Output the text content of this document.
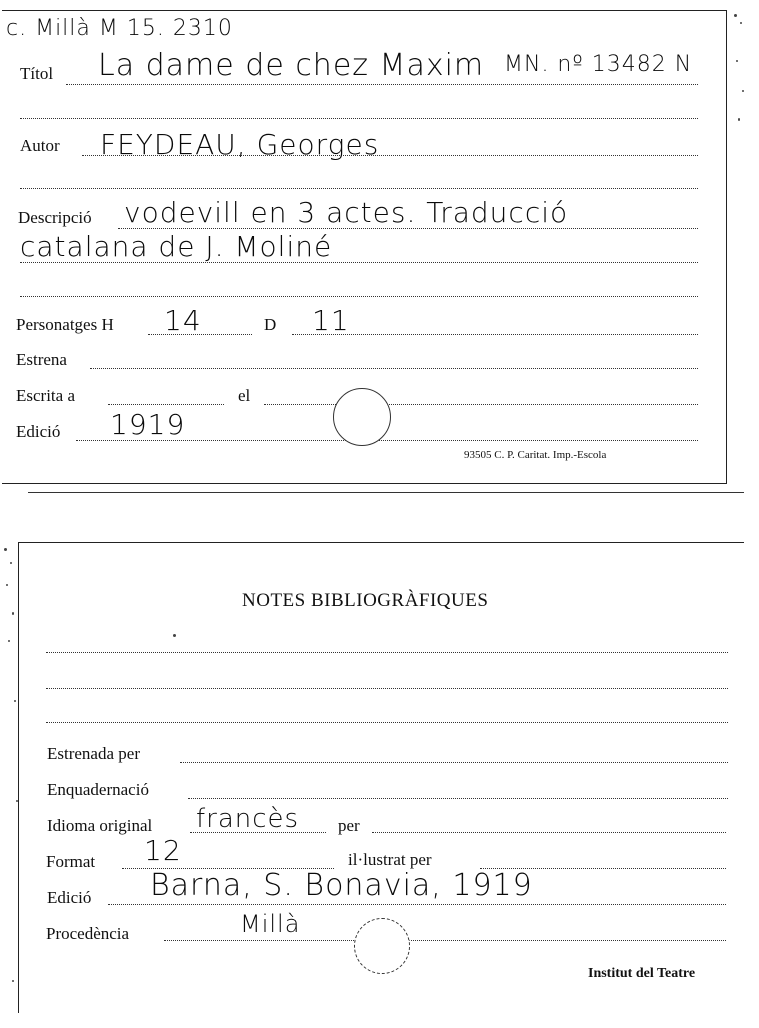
c. Millà M 15. 2310
Títol La dame de chez Maxim MN. nº 13482 N
Autor FEYDEAU, Georges
Descripció vodevill en 3 actes. Traducció
catalana de J. Moliné
Personatges H 14	D 11
Estrena
Escrita a	el
Edició 1919
93505 C. P. Caritat. Imp.-Escola
NOTES BIBLIOGRÀFIQUES
Estrenada per
Enquadernació
Idioma original francès per
Format 12	il·lustrat per
Edició Barna, S. Bonavia, 1919
Procedència	Millà
Institut del Teatre
